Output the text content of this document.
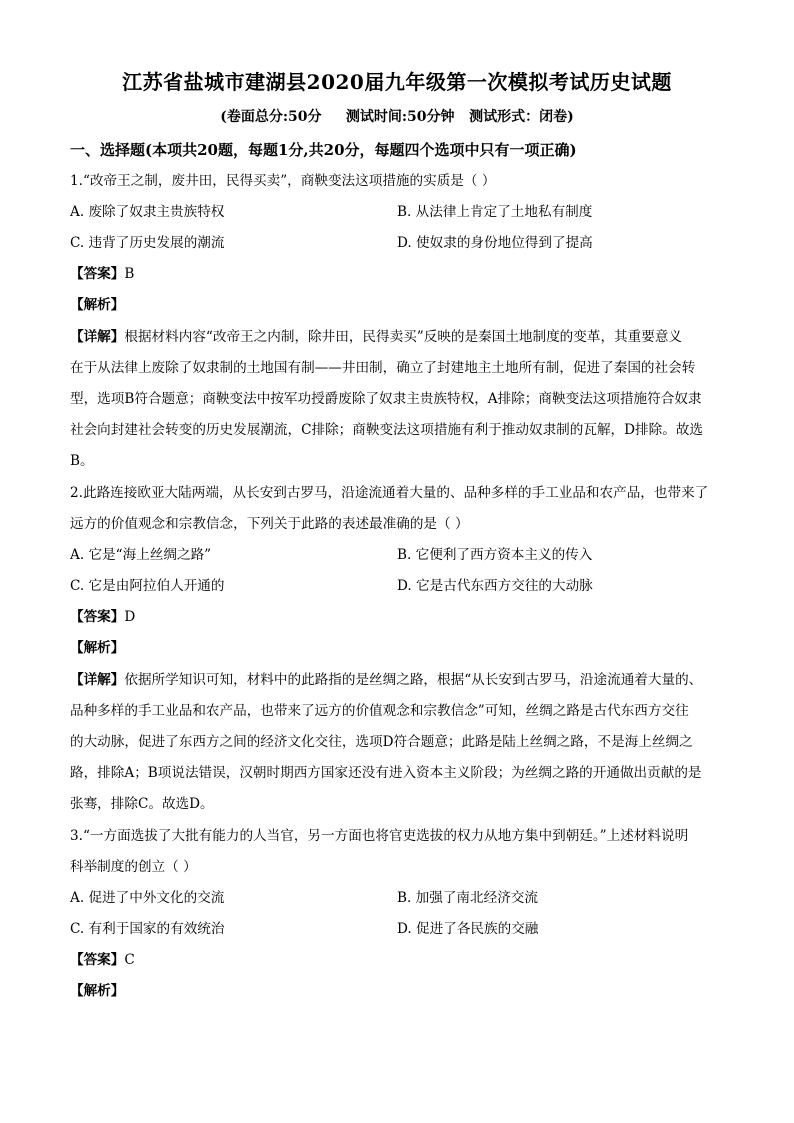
江苏省盐城市建湖县2020届九年级第一次模拟考试历史试题
(卷面总分:50分     测试时间:50分钟   测试形式：闭卷)
一、选择题(本项共20题，每题1分,共20分，每题四个选项中只有一项正确)
1.“改帝王之制，废井田，民得买卖”，商鞅变法这项措施的实质是（ ）
A. 废除了奴隶主贵族特权	B. 从法律上肯定了土地私有制度
C. 违背了历史发展的潮流	D. 使奴隶的身份地位得到了提高
【答案】B
【解析】
【详解】根据材料内容“改帝王之内制，除井田，民得卖买”反映的是秦国土地制度的变革，其重要意义
在于从法律上废除了奴隶制的土地国有制——井田制，确立了封建地主土地所有制，促进了秦国的社会转
型，选项B符合题意；商鞅变法中按军功授爵废除了奴隶主贵族特权，A排除；商鞅变法这项措施符合奴隶
社会向封建社会转变的历史发展潮流，C排除；商鞅变法这项措施有利于推动奴隶制的瓦解，D排除。故选
B。
2.此路连接欧亚大陆两端，从长安到古罗马，沿途流通着大量的、品种多样的手工业品和农产品，也带来了
远方的价值观念和宗教信念，下列关于此路的表述最准确的是（ ）
A. 它是“海上丝绸之路”	B. 它便利了西方资本主义的传入
C. 它是由阿拉伯人开通的	D. 它是古代东西方交往的大动脉
【答案】D
【解析】
【详解】依据所学知识可知，材料中的此路指的是丝绸之路，根据“从长安到古罗马，沿途流通着大量的、
品种多样的手工业品和农产品，也带来了远方的价值观念和宗教信念”可知，丝绸之路是古代东西方交往
的大动脉，促进了东西方之间的经济文化交往，选项D符合题意；此路是陆上丝绸之路，不是海上丝绸之
路，排除A；B项说法错误，汉朝时期西方国家还没有进入资本主义阶段；为丝绸之路的开通做出贡献的是
张骞，排除C。故选D。
3.“一方面选拔了大批有能力的人当官，另一方面也将官吏选拔的权力从地方集中到朝廷。”上述材料说明
科举制度的创立（ ）
A. 促进了中外文化的交流	B. 加强了南北经济交流
C. 有利于国家的有效统治	D. 促进了各民族的交融
【答案】C
【解析】
